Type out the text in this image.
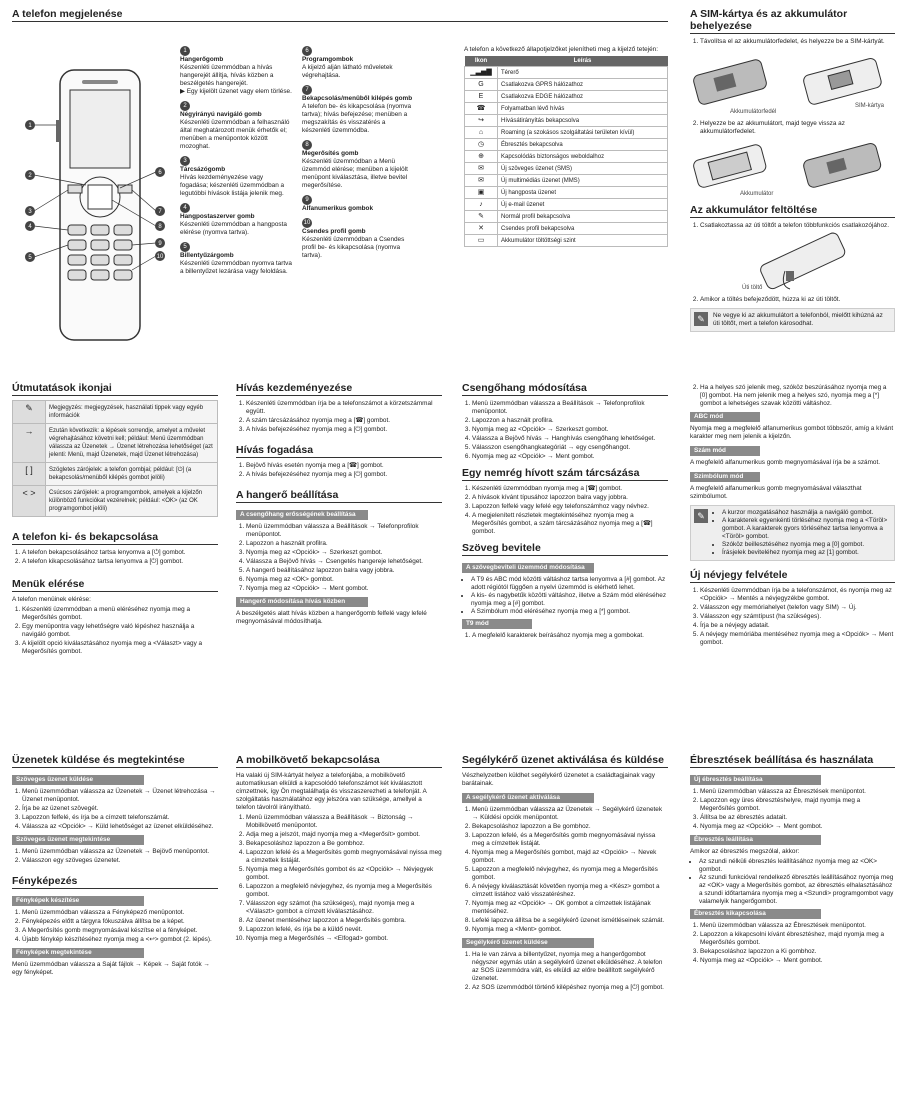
A telefon megjelenése
1
2
3
4
5
6
7
8
9
10
1
Hangerőgomb
Készenléti üzemmódban a hívás hangerejét állítja, hívás közben a beszélgetés hangerejét.
▶ Egy kijelölt üzenet vagy elem törlése.
2
Négyirányú navigáló gomb
Készenléti üzemmódban a felhasználó által meghatározott menük érhetők el; menüben a menüpontok között mozoghat.
3
Tárcsázógomb
Hívás kezdeményezése vagy fogadása; készenléti üzemmódban a legutóbbi hívások listája jelenik meg.
4
Hangpostaszerver gomb
Készenléti üzemmódban a hangposta elérése (nyomva tartva).
5
Billentyűzárgomb
Készenléti üzemmódban nyomva tartva a billentyűzet lezárása vagy feloldása.
6
Programgombok
A kijelző alján látható műveletek végrehajtása.
7
Bekapcsolás/menüből kilépés gomb
A telefon be- és kikapcsolása (nyomva tartva); hívás befejezése; menüben a megszakítás és visszatérés a készenléti üzemmódba.
8
Megerősítés gomb
Készenléti üzemmódban a Menü üzemmód elérése; menüben a kijelölt menüpont kiválasztása, illetve bevitel megerősítése.
9
Alfanumerikus gombok
10
Csendes profil gomb
Készenléti üzemmódban a Csendes profil be- és kikapcsolása (nyomva tartva).

A telefon a következő állapotjelzőket jelenítheti meg a kijelző tetején:

Ikon	Leírás
▁▃▅▇	Térerő
G	Csatlakozva GPRS hálózathoz
E	Csatlakozva EDGE hálózathoz
☎	Folyamatban lévő hívás
↪	Hívásátirányítás bekapcsolva
⌂	Roaming (a szokásos szolgáltatási területen kívül)
◷	Ébresztés bekapcsolva
⊕	Kapcsolódás biztonságos weboldalhoz
✉	Új szöveges üzenet (SMS)
✉	Új multimédiás üzenet (MMS)
▣	Új hangposta üzenet
♪	Új e-mail üzenet
✎	Normál profil bekapcsolva
✕	Csendes profil bekapcsolva
▭	Akkumulátor töltöttségi szint
A SIM-kártya és az akkumulátor behelyezése
1. Távolítsa el az akkumulátorfedelet, és helyezze be a SIM-kártyát.
Akkumulátorfedél
SIM-kártya
2. Helyezze be az akkumulátort, majd tegye vissza az akkumulátorfedelet.
Akkumulátor
Az akkumulátor feltöltése
1. Csatlakoztassa az úti töltőt a telefon többfunkciós csatlakozójához.
Úti töltő
2. Amikor a töltés befejeződött, húzza ki az úti töltőt.
✎	Ne vegye ki az akkumulátort a telefonból, mielőtt kihúzná az úti töltőt, mert a telefon károsodhat.
Útmutatások ikonjai
✎	Megjegyzés: megjegyzések, használati tippek vagy egyéb információk
→	Ezután következik: a lépések sorrendje, amelyet a művelet végrehajtásához követni kell; például: Menü üzemmódban válassza az Üzenetek → Üzenet létrehozása lehetőséget (azt jelenti: Menü, majd Üzenetek, majd Üzenet létrehozása)
[ ]	Szögletes zárójelek: a telefon gombjai; például: [⏻] (a bekapcsolás/menüből kilépés gombot jelöli)
< >	Csúcsos zárójelek: a programgombok, amelyek a kijelzőn különböző funkciókat vezérelnek; például: <OK> (az OK programgombot jelöli)
A telefon ki- és bekapcsolása
1. A telefon bekapcsolásához tartsa lenyomva a [⏻] gombot.
2. A telefon kikapcsolásához tartsa lenyomva a [⏻] gombot.
Menük elérése

A telefon menüinek elérése:

1. Készenléti üzemmódban a menü eléréséhez nyomja meg a Megerősítés gombot.
2. Egy menüpontra vagy lehetőségre való lépéshez használja a navigáló gombot.
3. A kijelölt opció kiválasztásához nyomja meg a <Választ> vagy a Megerősítés gombot.
Hívás kezdeményezése
1. Készenléti üzemmódban írja be a telefonszámot a körzetszámmal együtt.
2. A szám tárcsázásához nyomja meg a [☎] gombot.
3. A hívás befejezéséhez nyomja meg a [⏻] gombot.
Hívás fogadása
1. Bejövő hívás esetén nyomja meg a [☎] gombot.
2. A hívás befejezéséhez nyomja meg a [⏻] gombot.
A hangerő beállítása
A csengőhang erősségének beállítása
1. Menü üzemmódban válassza a Beállítások → Telefonprofilok menüpontot.
2. Lapozzon a használt profilra.
3. Nyomja meg az <Opciók> → Szerkeszt gombot.
4. Válassza a Bejövő hívás → Csengetés hangereje lehetőséget.
5. A hangerő beállításához lapozzon balra vagy jobbra.
6. Nyomja meg az <OK> gombot.
7. Nyomja meg az <Opciók> → Ment gombot.
Hangerő módosítása hívás közben

A beszélgetés alatt hívás közben a hangerőgomb felfelé vagy lefelé megnyomásával módosíthatja.

Csengőhang módosítása
1. Menü üzemmódban válassza a Beállítások → Telefonprofilok menüpontot.
2. Lapozzon a használt profilra.
3. Nyomja meg az <Opciók> → Szerkeszt gombot.
4. Válassza a Bejövő hívás → Hanghívás csengőhang lehetőséget.
5. Válasszon csengőhangkategóriát → egy csengőhangot.
6. Nyomja meg az <Opciók> → Ment gombot.
Egy nemrég hívott szám tárcsázása
1. Készenléti üzemmódban nyomja meg a [☎] gombot.
2. A hívások kívánt típusához lapozzon balra vagy jobbra.
3. Lapozzon felfelé vagy lefelé egy telefonszámhoz vagy névhez.
4. A megjelenített részletek megtekintéséhez nyomja meg a Megerősítés gombot, a szám tárcsázásához nyomja meg a [☎] gombot.
Szöveg bevitele
A szövegbeviteli üzemmód módosítása
• A T9 és ABC mód közötti váltáshoz tartsa lenyomva a [#] gombot. Az adott régiótól függően a nyelvi üzemmód is elérhető lehet.
• A kis- és nagybetűk közötti váltáshoz, illetve a Szám mód eléréséhez nyomja meg a [#] gombot.
• A Szimbólum mód eléréséhez nyomja meg a [*] gombot.
T9 mód
1. A megfelelő karakterek beírásához nyomja meg a gombokat.
2. Ha a helyes szó jelenik meg, szóköz beszúrásához nyomja meg a [0] gombot. Ha nem jelenik meg a helyes szó, nyomja meg a [*] gombot a lehetséges szavak közötti váltáshoz.
ABC mód

Nyomja meg a megfelelő alfanumerikus gombot többször, amíg a kívánt karakter meg nem jelenik a kijelzőn.

Szám mód

A megfelelő alfanumerikus gomb megnyomásával írja be a számot.

Szimbólum mód

A megfelelő alfanumerikus gomb megnyomásával választhat szimbólumot.

✎	• A kurzor mozgatásához használja a navigáló gombot.
• A karakterek egyenkénti törléséhez nyomja meg a <Töröl> gombot. A karakterek gyors törléséhez tartsa lenyomva a <Töröl> gombot.
• Szóköz beillesztéséhez nyomja meg a [0] gombot.
• Írásjelek beviteléhez nyomja meg az [1] gombot.
Új névjegy felvétele
1. Készenléti üzemmódban írja be a telefonszámot, és nyomja meg az <Opciók> → Mentés a névjegyzékbe gombot.
2. Válasszon egy memóriahelyet (telefon vagy SIM) → Új.
3. Válasszon egy számtípust (ha szükséges).
4. Írja be a névjegy adatait.
5. A névjegy memóriába mentéséhez nyomja meg a <Opciók> → Ment gombot.
Üzenetek küldése és megtekintése
Szöveges üzenet küldése
1. Menü üzemmódban válassza az Üzenetek → Üzenet létrehozása → Üzenet menüpontot.
2. Írja be az üzenet szövegét.
3. Lapozzon felfelé, és írja be a címzett telefonszámát.
4. Válassza az <Opciók> → Küld lehetőséget az üzenet elküldéséhez.
Szöveges üzenet megtekintése
1. Menü üzemmódban válassza az Üzenetek → Bejövő menüpontot.
2. Válasszon egy szöveges üzenetet.
Fényképezés
Fényképek készítése
1. Menü üzemmódban válassza a Fényképező menüpontot.
2. Fényképezés előtt a tárgyra fókuszálva állítsa be a képet.
3. A Megerősítés gomb megnyomásával készítse el a fényképet.
4. Újabb fénykép készítéséhez nyomja meg a <↩> gombot (2. lépés).
Fényképek megtekintése

Menü üzemmódban válassza a Saját fájlok → Képek → Saját fotók → egy fényképet.

A mobilkövető bekapcsolása

Ha valaki új SIM-kártyát helyez a telefonjába, a mobilkövető automatikusan elküldi a kapcsolódó telefonszámot két kiválasztott címzettnek, így Ön megtalálhatja és visszaszerezheti a telefonját. A szolgáltatás használatához egy jelszóra van szüksége, amellyel a telefon távolról irányítható.

1. Menü üzemmódban válassza a Beállítások → Biztonság → Mobilkövető menüpontot.
2. Adja meg a jelszót, majd nyomja meg a <Megerősít> gombot.
3. Bekapcsoláshoz lapozzon a Be gombhoz.
4. Lapozzon lefelé és a Megerősítés gomb megnyomásával nyissa meg a címzettek listáját.
5. Nyomja meg a Megerősítés gombot és az <Opciók> → Névjegyek gombot.
6. Lapozzon a megfelelő névjegyhez, és nyomja meg a Megerősítés gombot.
7. Válasszon egy számot (ha szükséges), majd nyomja meg a <Választ> gombot a címzett kiválasztásához.
8. Az üzenet mentéséhez lapozzon a Megerősítés gombra.
9. Lapozzon lefelé, és írja be a küldő nevét.
10. Nyomja meg a Megerősítés → <Elfogad> gombot.
Segélykérő üzenet aktiválása és küldése

Vészhelyzetben küldhet segélykérő üzenetet a családtagjainak vagy barátainak.

A segélykérő üzenet aktiválása
1. Menü üzemmódban válassza az Üzenetek → Segélykérő üzenetek → Küldési opciók menüpontot.
2. Bekapcsoláshoz lapozzon a Be gombhoz.
3. Lapozzon lefelé, és a Megerősítés gomb megnyomásával nyissa meg a címzettek listáját.
4. Nyomja meg a Megerősítés gombot, majd az <Opciók> → Nevek gombot.
5. Lapozzon a megfelelő névjegyhez, és nyomja meg a Megerősítés gombot.
6. A névjegy kiválasztását követően nyomja meg a <Kész> gombot a címzett listához való visszatéréshez.
7. Nyomja meg az <Opciók> → OK gombot a címzettek listájának mentéséhez.
8. Lefelé lapozva állítsa be a segélykérő üzenet ismétléseinek számát.
9. Nyomja meg a <Ment> gombot.
Segélykérő üzenet küldése
1. Ha le van zárva a billentyűzet, nyomja meg a hangerőgombot négyszer egymás után a segélykérő üzenet elküldéséhez. A telefon az SOS üzemmódra vált, és elküldi az előre beállított segélykérő üzenetet.
2. Az SOS üzemmódból történő kilépéshez nyomja meg a [⏻] gombot.
Ébresztések beállítása és használata
Új ébresztés beállítása
1. Menü üzemmódban válassza az Ébresztések menüpontot.
2. Lapozzon egy üres ébresztéshelyre, majd nyomja meg a Megerősítés gombot.
3. Állítsa be az ébresztés adatait.
4. Nyomja meg az <Opciók> → Ment gombot.
Ébresztés leállítása

Amikor az ébresztés megszólal, akkor:

• Az szundi nélküli ébresztés leállításához nyomja meg az <OK> gombot.
• Az szundi funkcióval rendelkező ébresztés leállításához nyomja meg az <OK> vagy a Megerősítés gombot, az ébresztés elhalasztásához a szundi időtartamára nyomja meg a <Szundi> programgombot vagy valamelyik hangerőgombot.
Ébresztés kikapcsolása
1. Menü üzemmódban válassza az Ébresztések menüpontot.
2. Lapozzon a kikapcsolni kívánt ébresztéshez, majd nyomja meg a Megerősítés gombot.
3. Bekapcsoláshoz lapozzon a Ki gombhoz.
4. Nyomja meg az <Opciók> → Ment gombot.
